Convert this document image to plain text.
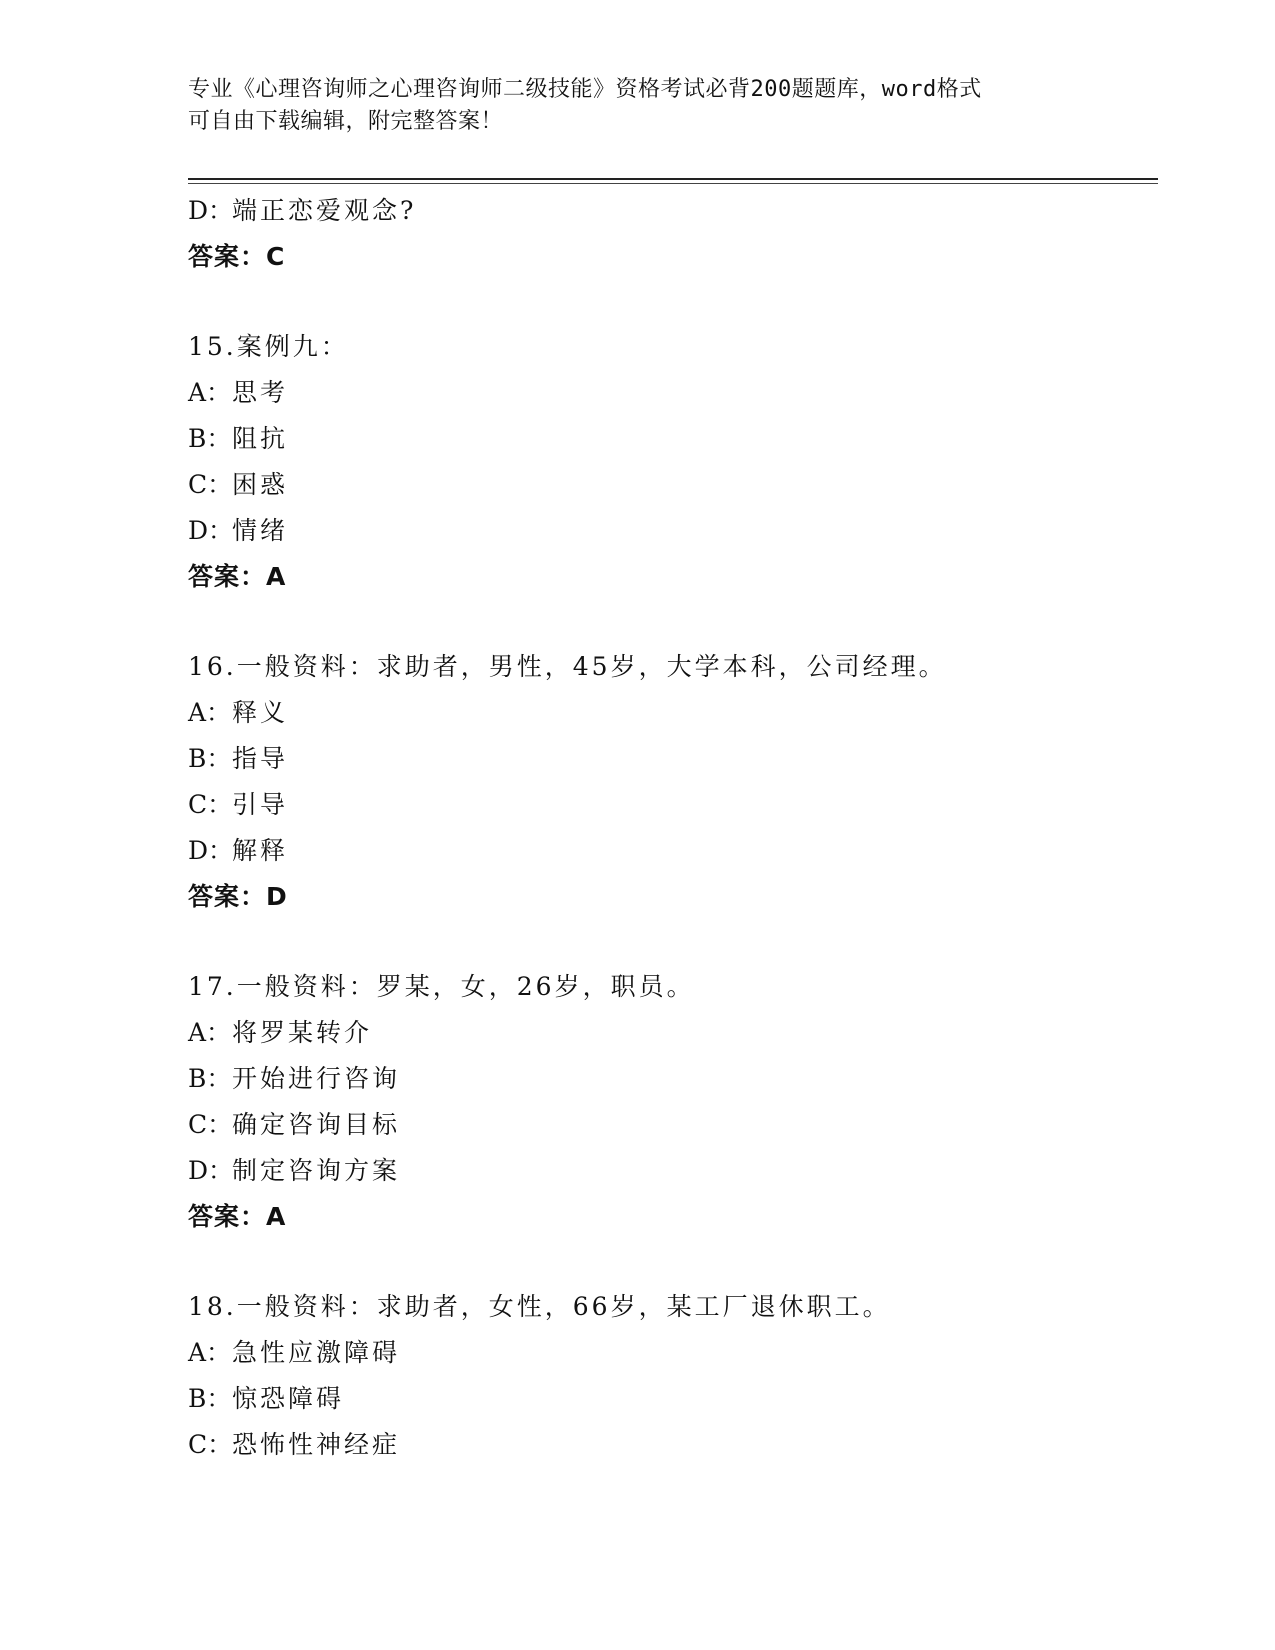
专业《心理咨询师之心理咨询师二级技能》资格考试必背200题题库，word格式
可自由下载编辑，附完整答案！
D：端正恋爱观念?
答案：C
15.案例九：
A：思考
B：阻抗
C：困惑
D：情绪
答案：A
16.一般资料：求助者，男性，45岁，大学本科，公司经理。
A：释义
B：指导
C：引导
D：解释
答案：D
17.一般资料：罗某，女，26岁，职员。
A：将罗某转介
B：开始进行咨询
C：确定咨询目标
D：制定咨询方案
答案：A
18.一般资料：求助者，女性，66岁，某工厂退休职工。
A：急性应激障碍
B：惊恐障碍
C：恐怖性神经症
